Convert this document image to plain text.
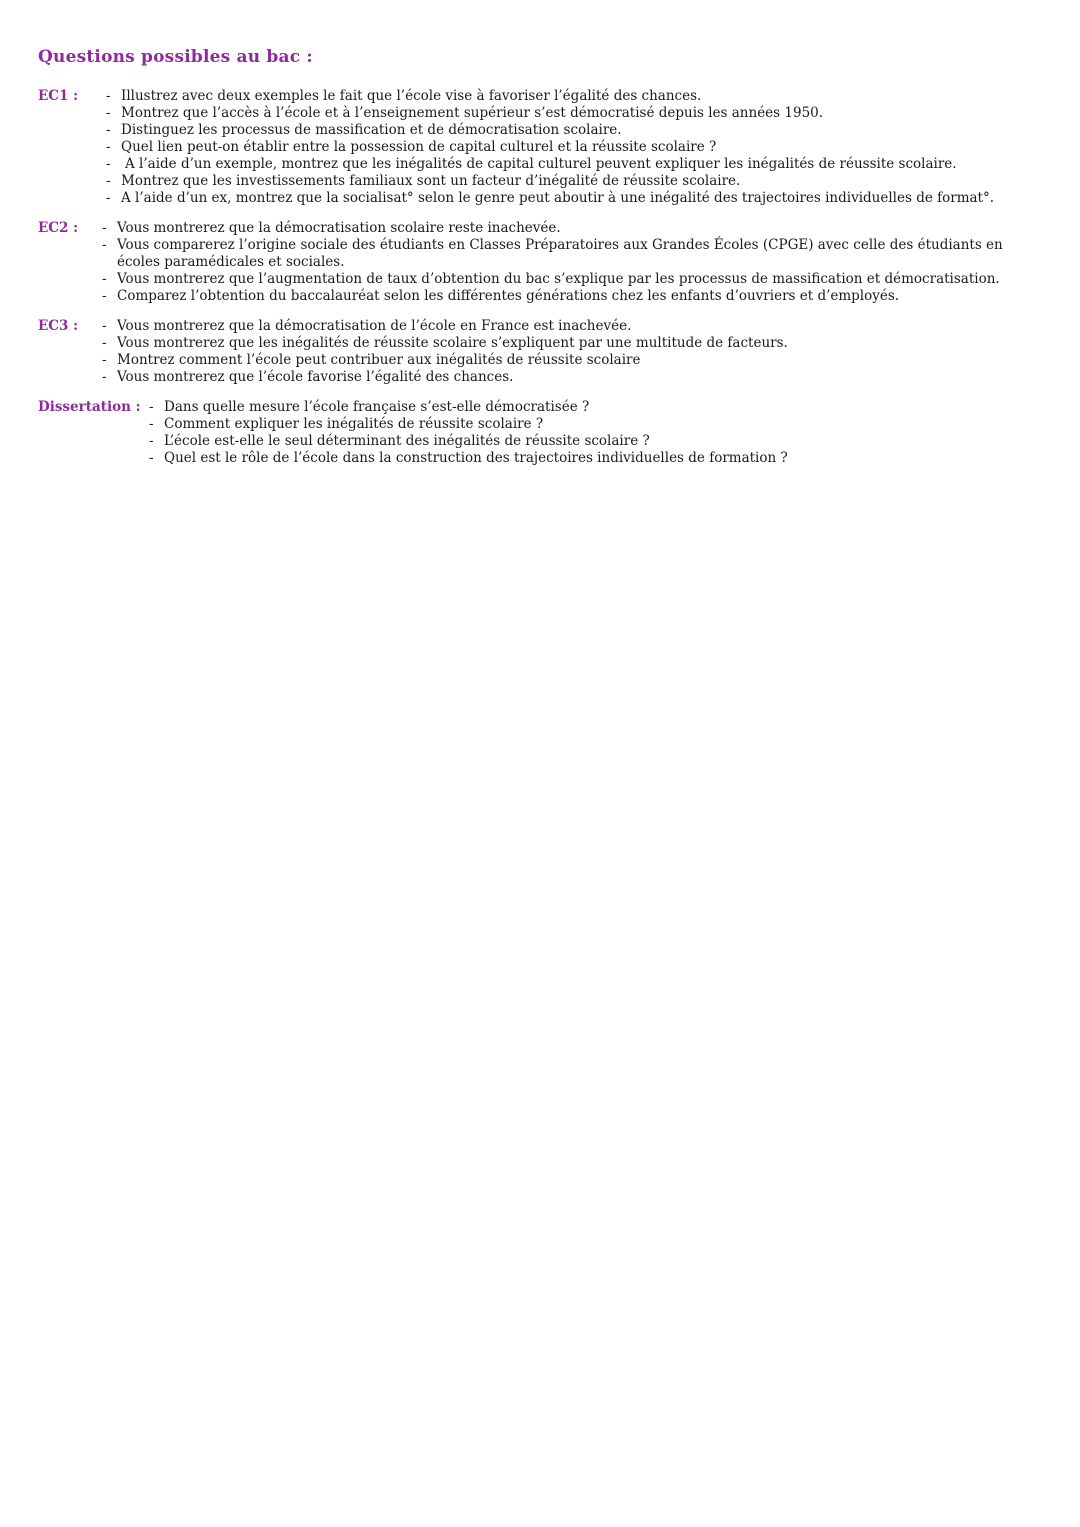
Questions possibles au bac :
EC1 :	- Illustrez avec deux exemples le fait que l’école vise à favoriser l’égalité des chances.
- Montrez que l’accès à l’école et à l’enseignement supérieur s’est démocratisé depuis les années 1950.
- Distinguez les processus de massification et de démocratisation scolaire.
- Quel lien peut-on établir entre la possession de capital culturel et la réussite scolaire ?
- A l’aide d’un exemple, montrez que les inégalités de capital culturel peuvent expliquer les inégalités de réussite scolaire.
- Montrez que les investissements familiaux sont un facteur d’inégalité de réussite scolaire.
- A l’aide d’un ex, montrez que la socialisat° selon le genre peut aboutir à une inégalité des trajectoires individuelles de format°.
EC2 :	- Vous montrerez que la démocratisation scolaire reste inachevée.
- Vous comparerez l’origine sociale des étudiants en Classes Préparatoires aux Grandes Écoles (CPGE) avec celle des étudiants en écoles paramédicales et sociales.
- Vous montrerez que l’augmentation de taux d’obtention du bac s’explique par les processus de massification et démocratisation.
- Comparez l’obtention du baccalauréat selon les différentes générations chez les enfants d’ouvriers et d’employés.
EC3 :	- Vous montrerez que la démocratisation de l’école en France est inachevée.
- Vous montrerez que les inégalités de réussite scolaire s’expliquent par une multitude de facteurs.
- Montrez comment l’école peut contribuer aux inégalités de réussite scolaire
- Vous montrerez que l’école favorise l’égalité des chances.
Dissertation :	- Dans quelle mesure l’école française s’est-elle démocratisée ?
- Comment expliquer les inégalités de réussite scolaire ?
- L’école est-elle le seul déterminant des inégalités de réussite scolaire ?
- Quel est le rôle de l’école dans la construction des trajectoires individuelles de formation ?
